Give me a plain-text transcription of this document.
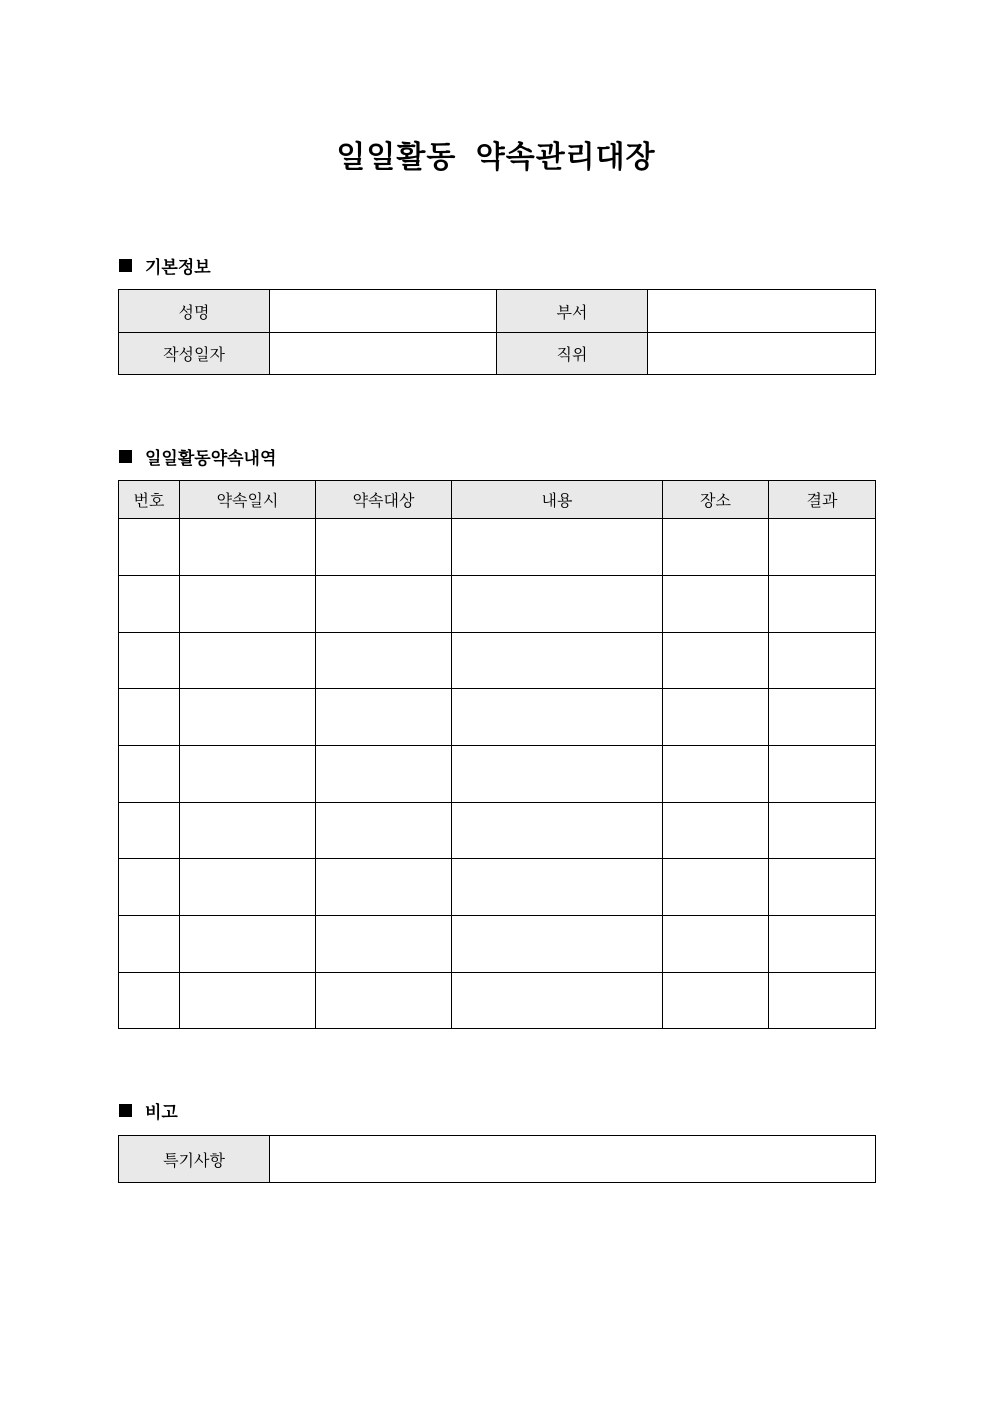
일일활동 약속관리대장
기본정보
성명		부서	
작성일자		직위	
일일활동약속내역
번호	약속일시	약속대상	내용	장소	결과

비고
특기사항	
